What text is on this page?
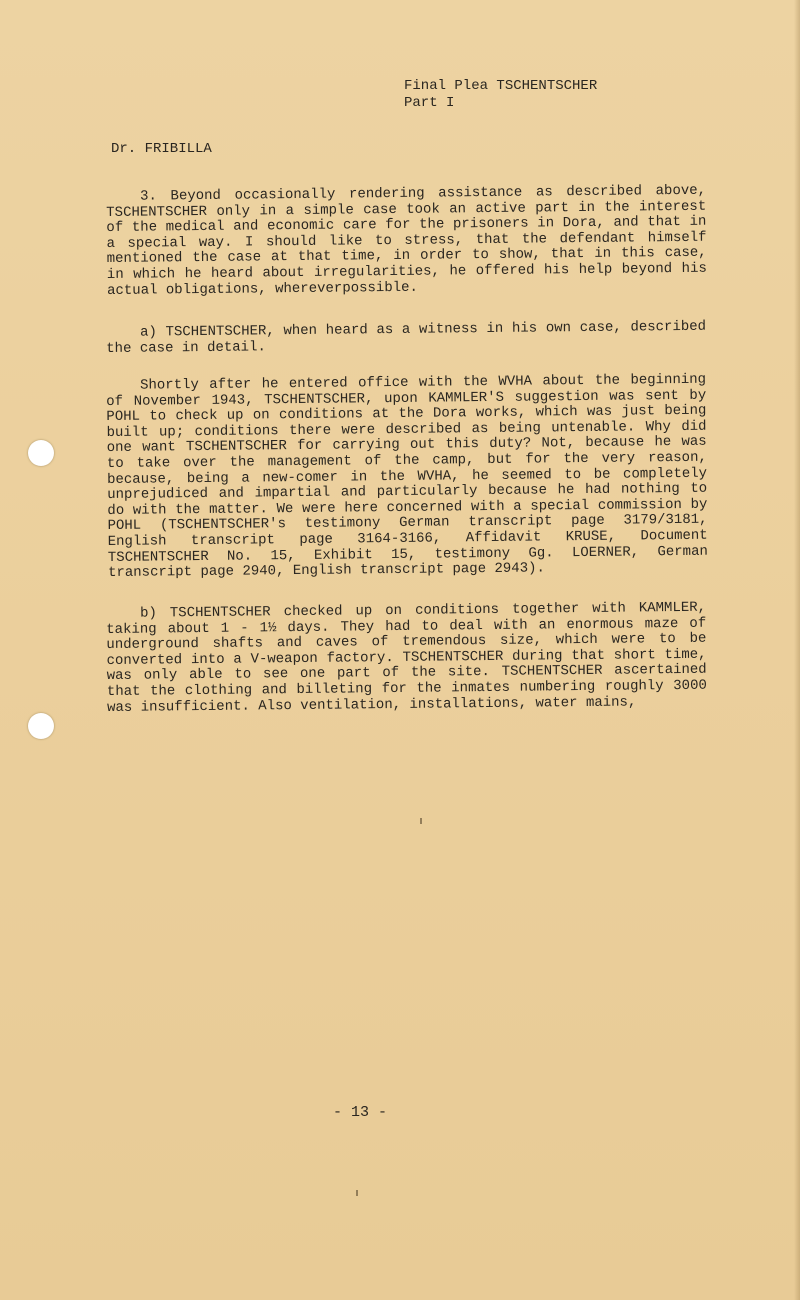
Final Plea TSCHENTSCHER
Part I
Dr. FRIBILLA
3. Beyond occasionally rendering assistance as described above, TSCHENTSCHER only in a simple case took an active part in the interest of the medical and economic care for the prisoners in Dora, and that in a special way. I should like to stress, that the defendant himself mentioned the case at that time, in order to show, that in this case, in which he heard about irregularities, he offered his help beyond his actual obligations, whereverpossible.
a) TSCHENTSCHER, when heard as a witness in his own case, described the case in detail.
Shortly after he entered office with the WVHA about the beginning of November 1943, TSCHENTSCHER, upon KAMMLER'S suggestion was sent by POHL to check up on conditions at the Dora works, which was just being built up; conditions there were described as being untenable. Why did one want TSCHENTSCHER for carrying out this duty? Not, because he was to take over the management of the camp, but for the very reason, because, being a new-comer in the WVHA, he seemed to be completely unprejudiced and impartial and particularly because he had nothing to do with the matter. We were here concerned with a special commission by POHL (TSCHENTSCHER's testimony German transcript page 3179/3181, English transcript page 3164-3166, Affidavit KRUSE, Document TSCHENTSCHER No. 15, Exhibit 15, testimony Gg. LOERNER, German transcript page 2940, English transcript page 2943).
b) TSCHENTSCHER checked up on conditions together with KAMMLER, taking about 1 - 1½ days. They had to deal with an enormous maze of underground shafts and caves of tremendous size, which were to be converted into a V-weapon factory. TSCHENTSCHER during that short time, was only able to see one part of the site. TSCHENTSCHER ascertained that the clothing and billeting for the inmates numbering roughly 3000 was insufficient. Also ventilation, installations, water mains,
- 13 -
